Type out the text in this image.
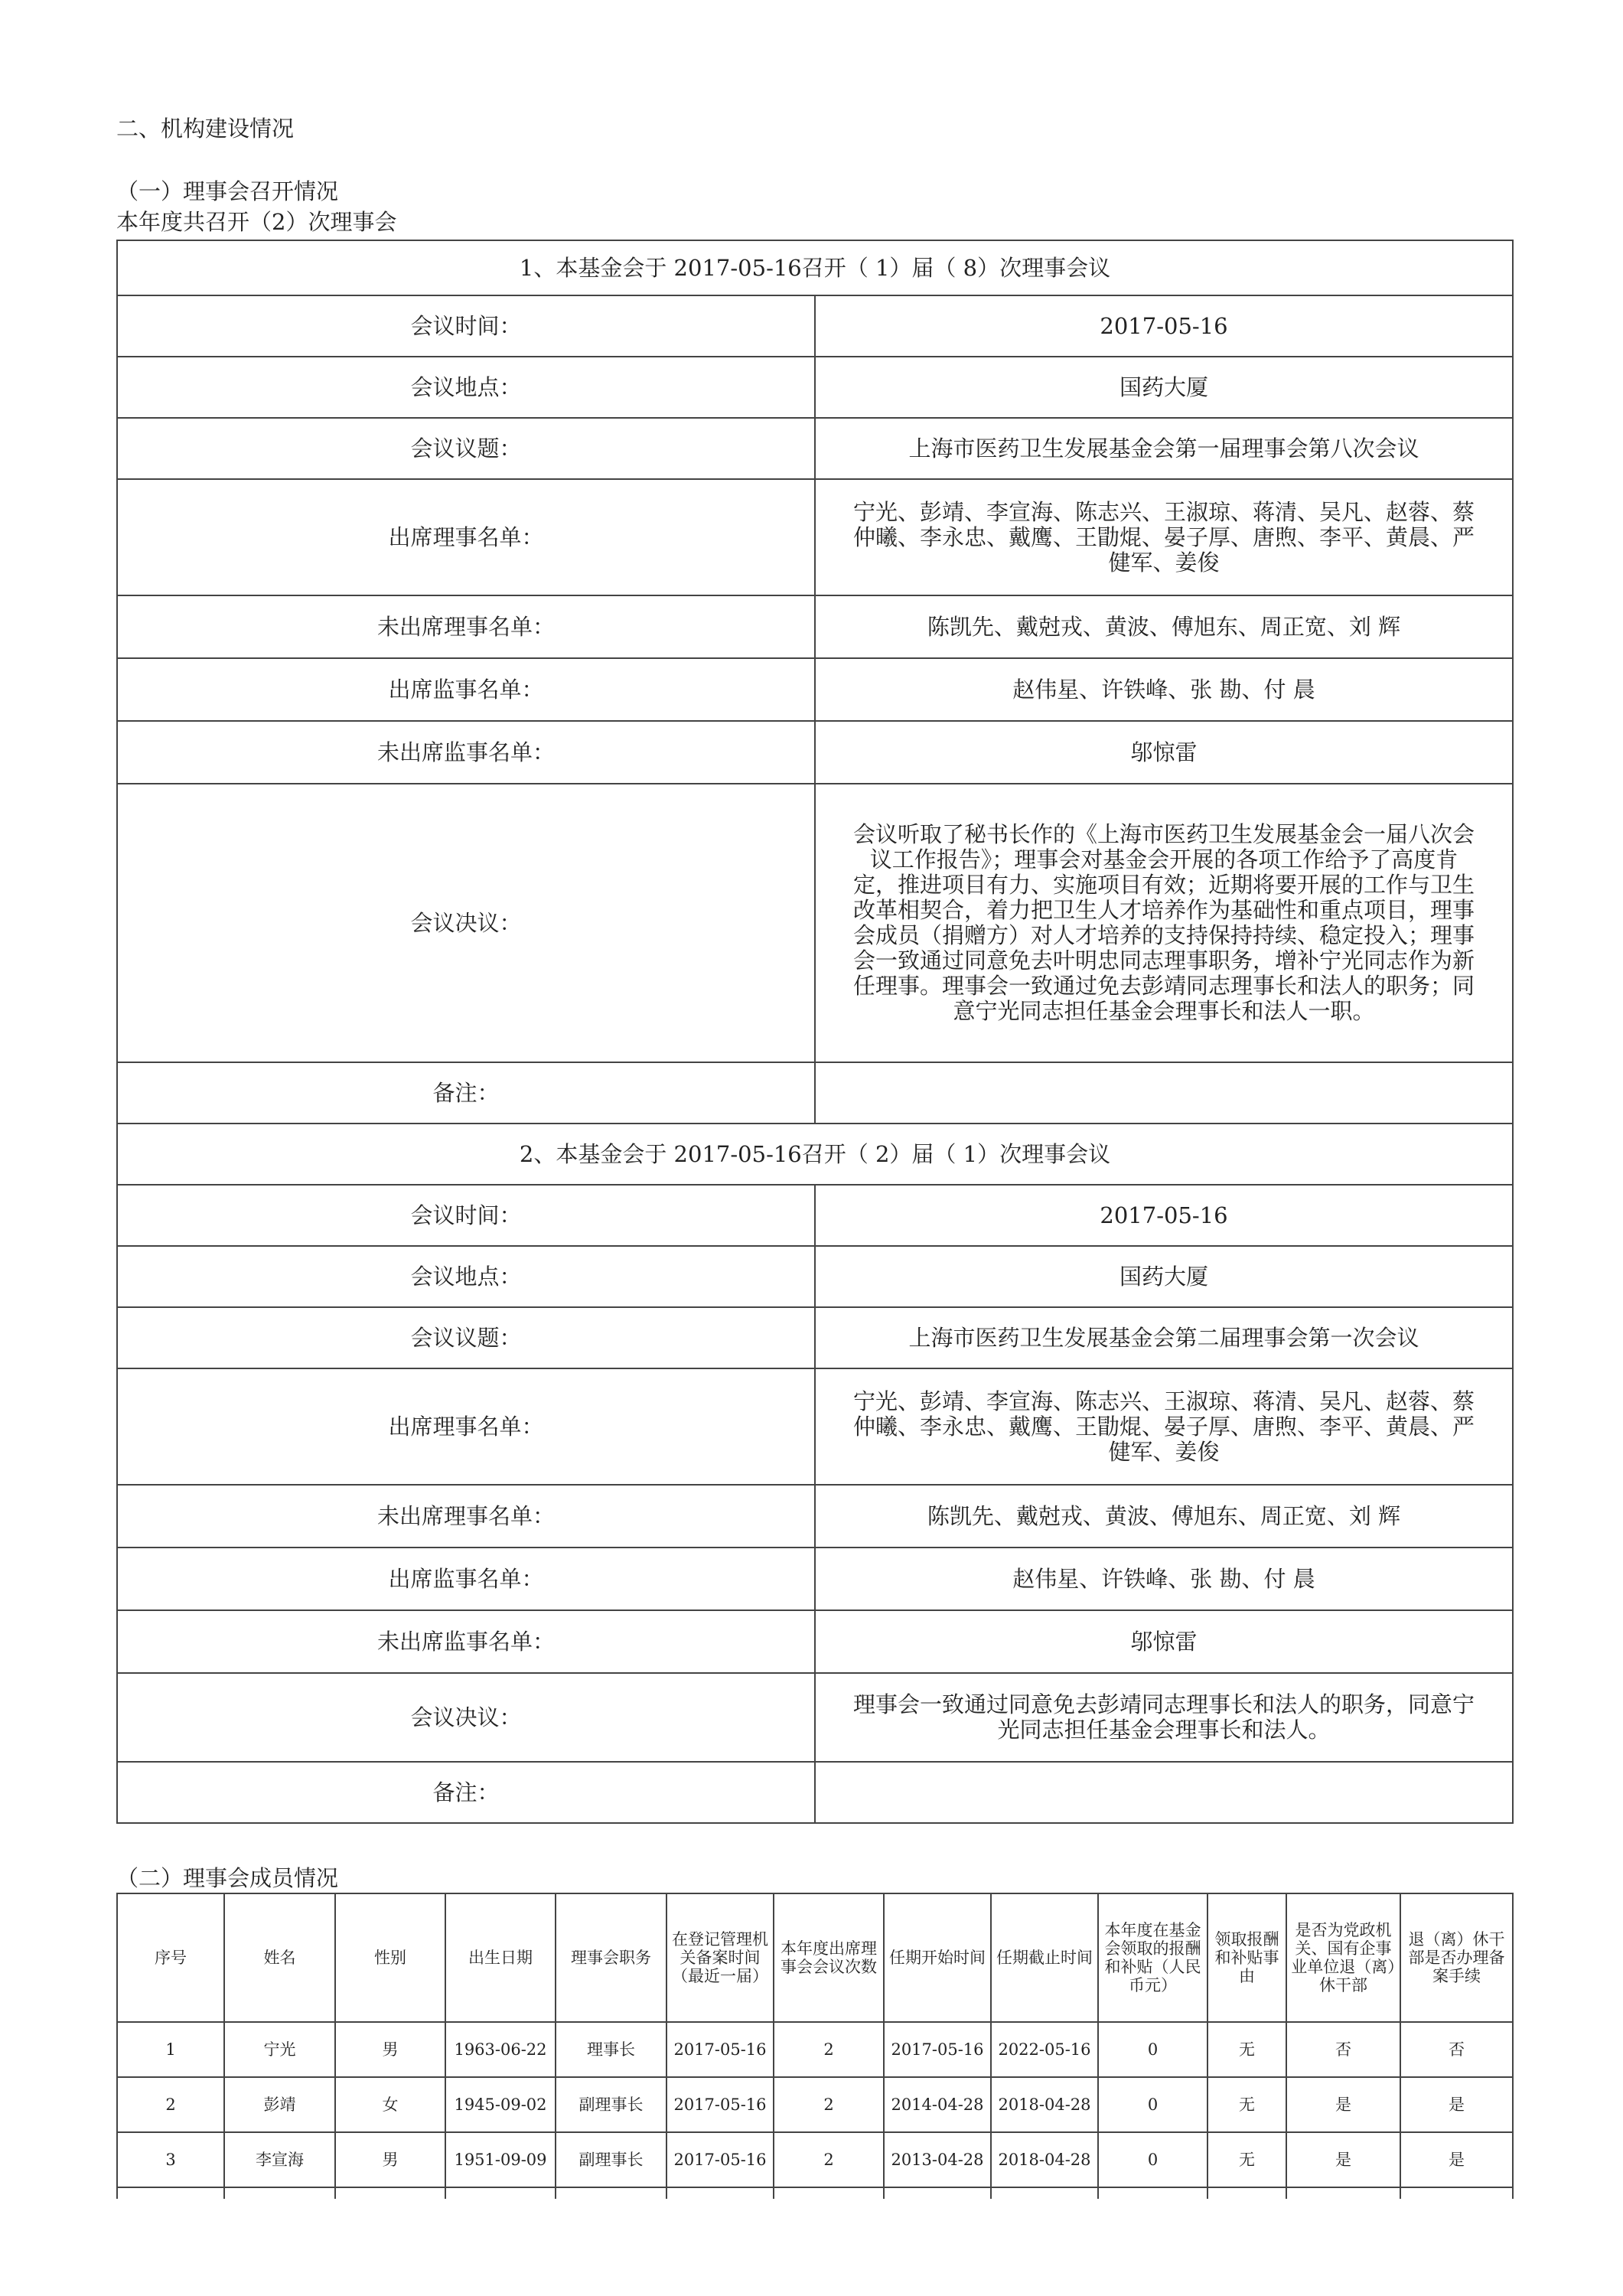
二、机构建设情况
（一）理事会召开情况
本年度共召开（2）次理事会
1、本基金会于 2017-05-16召开（ 1）届（ 8）次理事会议	
会议时间：	2017-05-16
会议地点：	国药大厦
会议议题：	上海市医药卫生发展基金会第一届理事会第八次会议
出席理事名单：	宁光、彭靖、李宣海、陈志兴、王淑琼、蒋清、吴凡、赵蓉、蔡仲曦、李永忠、戴鹰、王勖焜、晏子厚、唐煦、李平、黄晨、严健军、姜俊
未出席理事名单：	陈凯先、戴尅戎、黄波、傅旭东、周正宽、刘 辉
出席监事名单：	赵伟星、许铁峰、张 勘、付 晨
未出席监事名单：	邬惊雷
会议决议：	会议听取了秘书长作的《上海市医药卫生发展基金会一届八次会议工作报告》；理事会对基金会开展的各项工作给予了高度肯定，推进项目有力、实施项目有效；近期将要开展的工作与卫生改革相契合，着力把卫生人才培养作为基础性和重点项目，理事会成员（捐赠方）对人才培养的支持保持持续、稳定投入；理事会一致通过同意免去叶明忠同志理事职务，增补宁光同志作为新任理事。理事会一致通过免去彭靖同志理事长和法人的职务；同意宁光同志担任基金会理事长和法人一职。
备注：	
2、本基金会于 2017-05-16召开（ 2）届（ 1）次理事会议	
会议时间：	2017-05-16
会议地点：	国药大厦
会议议题：	上海市医药卫生发展基金会第二届理事会第一次会议
出席理事名单：	宁光、彭靖、李宣海、陈志兴、王淑琼、蒋清、吴凡、赵蓉、蔡仲曦、李永忠、戴鹰、王勖焜、晏子厚、唐煦、李平、黄晨、严健军、姜俊
未出席理事名单：	陈凯先、戴尅戎、黄波、傅旭东、周正宽、刘 辉
出席监事名单：	赵伟星、许铁峰、张 勘、付 晨
未出席监事名单：	邬惊雷
会议决议：	理事会一致通过同意免去彭靖同志理事长和法人的职务，同意宁光同志担任基金会理事长和法人。
备注：	
（二）理事会成员情况
序号	姓名	性别	出生日期	理事会职务	在登记管理机关备案时间（最近一届）	本年度出席理事会会议次数	任期开始时间	任期截止时间	本年度在基金会领取的报酬和补贴（人民币元）	领取报酬和补贴事由	是否为党政机关、国有企事业单位退（离）休干部	退（离）休干部是否办理备案手续
1	宁光	男	1963-06-22	理事长	2017-05-16	2	2017-05-16	2022-05-16	0	无	否	否
2	彭靖	女	1945-09-02	副理事长	2017-05-16	2	2014-04-28	2018-04-28	0	无	是	是
3	李宣海	男	1951-09-09	副理事长	2017-05-16	2	2013-04-28	2018-04-28	0	无	是	是
